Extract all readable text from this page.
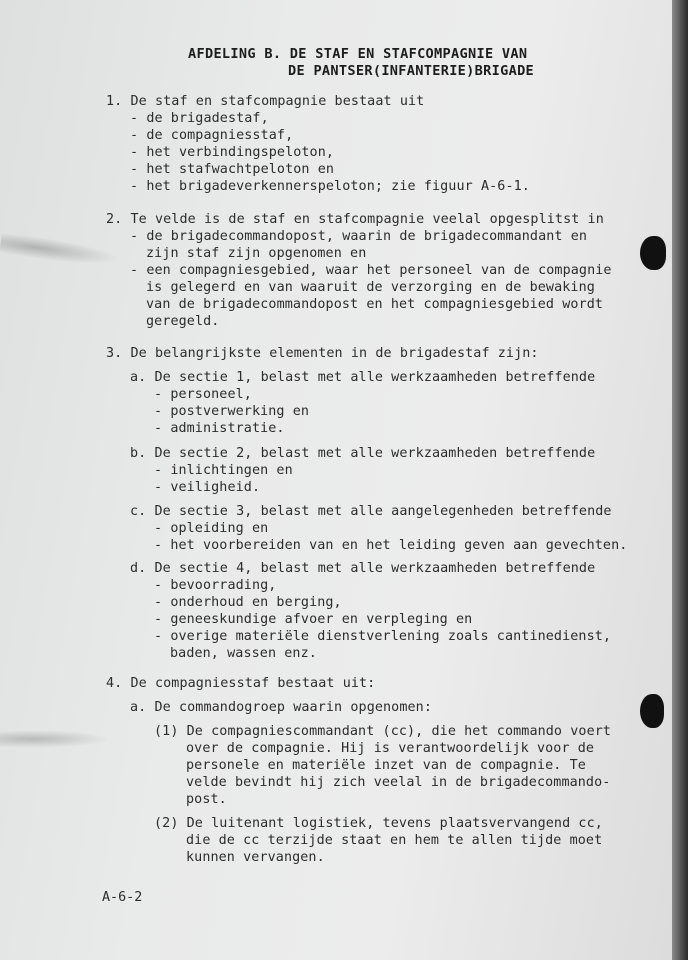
AFDELING B. DE STAF EN STAFCOMPAGNIE VAN
DE PANTSER(INFANTERIE)BRIGADE
1. De staf en stafcompagnie bestaat uit
- de brigadestaf,
- de compagniesstaf,
- het verbindingspeloton,
- het stafwachtpeloton en
- het brigadeverkennerspeloton; zie figuur A-6-1.
2. Te velde is de staf en stafcompagnie veelal opgesplitst in
- de brigadecommandopost, waarin de brigadecommandant en
zijn staf zijn opgenomen en
- een compagniesgebied, waar het personeel van de compagnie
is gelegerd en van waaruit de verzorging en de bewaking
van de brigadecommandopost en het compagniesgebied wordt
geregeld.
3. De belangrijkste elementen in de brigadestaf zijn:
a. De sectie 1, belast met alle werkzaamheden betreffende
- personeel,
- postverwerking en
- administratie.
b. De sectie 2, belast met alle werkzaamheden betreffende
- inlichtingen en
- veiligheid.
c. De sectie 3, belast met alle aangelegenheden betreffende
- opleiding en
- het voorbereiden van en het leiding geven aan gevechten.
d. De sectie 4, belast met alle werkzaamheden betreffende
- bevoorrading,
- onderhoud en berging,
- geneeskundige afvoer en verpleging en
- overige materiële dienstverlening zoals cantinedienst,
baden, wassen enz.
4. De compagniesstaf bestaat uit:
a. De commandogroep waarin opgenomen:
(1) De compagniescommandant (cc), die het commando voert
over de compagnie. Hij is verantwoordelijk voor de
personele en materiële inzet van de compagnie. Te
velde bevindt hij zich veelal in de brigadecommando-
post.
(2) De luitenant logistiek, tevens plaatsvervangend cc,
die de cc terzijde staat en hem te allen tijde moet
kunnen vervangen.
A-6-2
